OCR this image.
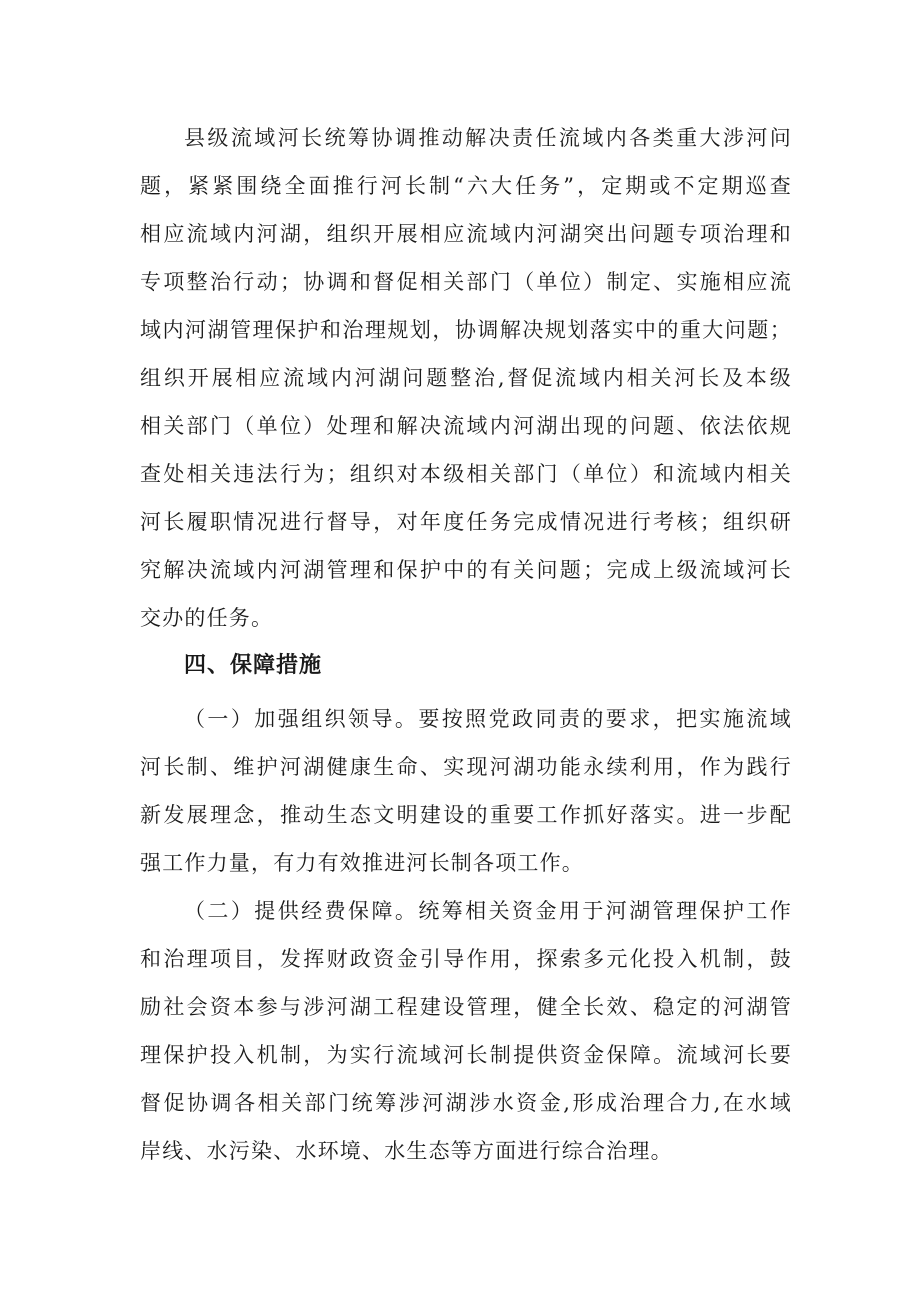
县级流域河长统筹协调推动解决责任流域内各类重大涉河问
题，紧紧围绕全面推行河长制“六大任务”，定期或不定期巡查
相应流域内河湖，组织开展相应流域内河湖突出问题专项治理和
专项整治行动；协调和督促相关部门（单位）制定、实施相应流
域内河湖管理保护和治理规划，协调解决规划落实中的重大问题；
组织开展相应流域内河湖问题整治,督促流域内相关河长及本级
相关部门（单位）处理和解决流域内河湖出现的问题、依法依规
查处相关违法行为；组织对本级相关部门（单位）和流域内相关
河长履职情况进行督导，对年度任务完成情况进行考核；组织研
究解决流域内河湖管理和保护中的有关问题；完成上级流域河长
交办的任务。
四、保障措施
（一）加强组织领导。要按照党政同责的要求，把实施流域
河长制、维护河湖健康生命、实现河湖功能永续利用，作为践行
新发展理念，推动生态文明建设的重要工作抓好落实。进一步配
强工作力量，有力有效推进河长制各项工作。
（二）提供经费保障。统筹相关资金用于河湖管理保护工作
和治理项目，发挥财政资金引导作用，探索多元化投入机制，鼓
励社会资本参与涉河湖工程建设管理，健全长效、稳定的河湖管
理保护投入机制，为实行流域河长制提供资金保障。流域河长要
督促协调各相关部门统筹涉河湖涉水资金,形成治理合力,在水域
岸线、水污染、水环境、水生态等方面进行综合治理。
